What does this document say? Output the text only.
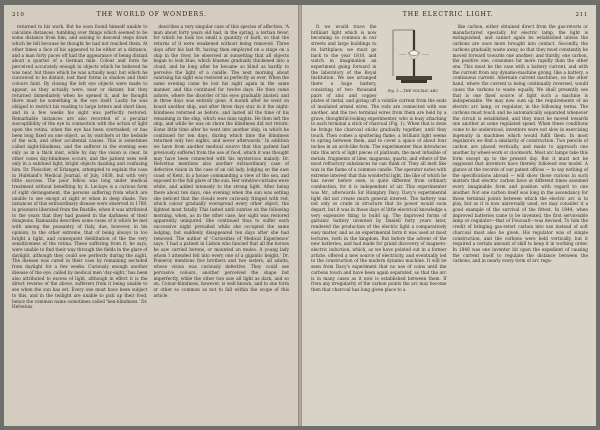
210	THE WORLD OF WONDERS.

returned to his work. But he soon found himself unable to calculate distances, tumbling over things which seemed to be some distance from him, and seizing to descend steps down which he fell because he thought he had not reached them. At other times a face of his appeared to be either at a distance, and a man forty paces off had the appearance of being distant about a quarter of a German mile. Colour and form he perceived accurately enough in objects which he believed he was near, but those which he was actually near, but which he conceived to be distant, lost their forms in shadow and their colours faint. By closing the left eye objects were made to appear, as they actually were, near or distant; but they returned immediately when he opened it, and he thought there must be something in the eye itself. Lastly he was obliged to restrict his reading to large letters and short lines, and in a few weeks his sight was perfectly restored. Remarkable instances are also recorded of a peculiar susceptibility of the eye in connection with the action of light upon the retina, when the eye has been overtasked, or has been long fixed on one object, as by watchers at the bedside of the sick, and other accidental causes. This is sometimes called night-blindness, and the sufferer in the evening sees only as in a thick mist, while by day the vision is clear. In other cases day-blindness occurs, and the patient sees well only in a subdued light, bright objects dazzling and confusing him. Dr. Fleischer, of Erlangen, attempted to explain the case in Hufeland's Medical Journal, of July, 1838, but with very little success. The poor fellow was long under medical treatment without benefiting by it. Lecluye is a curious form of sight derangement, the persons suffering from which are unable to see except at sight or when in deep shade. Two instances of this extraordinary disease were observed in 1769, in prisoners liberated from the Bastille, when it was attributed to the years that they had passed in the darkness of their dungeons. Ramazzini describes some cases of it which he met with among the peasantry of Italy, due, however, in his opinion, to the other extreme, that of being always in too bright a light, and consequent debilitation of the the very sensitiveness of the retina. These suffering from it, he says, were unable to find their way through the fields in the glare of daylight, although they could see perfectly during the night. The disease was cured in their case by remaining secluded from daylight for a few weeks. Curiously enough another disease of the eye, called by medical men 'day-sight,' has been also attributed to excess of light, although in effect it is the direct reverse of the above, sufferers from it being unable to see when the sun has set. Every one must have been subject to this, and in the twilight are unable to pick up their food, hence the common name sometimes called 'hen-blindness.' Dr. Helvetius

describes a very singular case of this species of affection. 'A man about forty years old had, in the spring, a tertian fever, for which he took too small a quantity of bark, so that the returns of it were weakened without being removed. Three days after his last fit, having then employed on a stage on a ship in the river, he observed at sunsetting that all objects began to look blue, which bluenes gradually thickened into a cloud; and he long after he became so blind as hardly to perceive the light of a candle. The next morning about sunrising his sight was restored as perfectly as ever. When the same evening came he lost his sight again in the same manner, and this continued for twelve days. He then came ashore, where the disorder of his eyes gradually abated, and in three days was entirely gone. A month after he went on board another ship, and after three days stay in it the night-blindness returned as before, and lasted all the time of his remaining in the ship, which was nine nights. He then left the ship, and while he was on shore the blindness did not return. Some little time after he went into another ship, in which he continued for ten days, during which time the blindness returned only two nights, and never afterwards.' In addition we have from another medical source that this patient had previously suffered from the use of food, which it was thought may have been connected with his mysterious malady. Dr. Helvetius mentions also another extraordinary case of defective vision in the case of an old lady, lodging on the east coast of Kent, in a house commanding a view of the sea, and exposed to the full glare of the sun. Her window-curtains were white, and added intensely to the strong light. After being there about ten days, one evening when the sun was setting she noticed that the clouds were curiously fringed with red, which colour gradually overspread every other object, the lightest most fatally. This lasted until sunrise on the following morning, when, as in the other case, her sight was restored apparently uninjured. She continued thus to suffer each successive night prevailed while she occupied the same lodging, but suddenly disappeared ten days after she had removed. The author of 'Curiosities of Medical Experience' says: 'I had a patient in Lisbon who fancied that all the horses he saw carried herons, or mounted on mules. A young lady whom I attended fell into every one of a gigantic height.' Dr. Pomeroy mentions five brothers and two sisters, all adults, whose vision was curiously defective. They could see pervasive colours, another perceived the shape but imperfectly, while the other two saw all light as dark, and so on. Colour-blindness, however, is well known, and to one form or other so common as not to fall within the scope of this article.

THE ELECTRIC LIGHT.	211
Fig. 1.—THE VOLTAIC ARC.

It we would trace the brilliant light which is now becoming so common in our streets and large buildings to its birthplace, we must go back to the year 1810, and watch in imagination an experiment going forward in the laboratory of the Royal Institution. We see arranged there a huge battery, consisting of two thousand pairs of zinc and copper plates of metal, and giving off a volatile current from the ends of insulated armed wires. The rods are connected with one another, and the two terminal wires from them are held by a grave, thoughtful-looking experimenter, who is busy attaching to each terminal a stick of charcoal (Fig. 1). When that is done he brings the charcoal sticks gradually together, until they touch. Then comes a sputtering flame, a brilliant light seems to spring between them, and to cover a space of about four inches in an arch-like form. The experimenter thus introduces into this arch of light pieces of platinum, the most infusible of metals, fragments of lime, magnesia, quartz, and others of the most refractory substances he can think of. They all melt like wax in the flame of a common candle. The operator notes with extreme interest that this wonderful light, the like of which he has never before seen, is quite different from ordinary combustion, for it is independent of air. This experimenter was Mr., afterwards Sir Humphry Davy. Davy's experimental light did not create much general interest. The battery was not only so crude in structure that its power would soon depart, but it was in those days of little electrical knowledge a very expensive thing to build up. The improved forms of galvanic battery invented by Daniell forty years later, rendered the production of the electric light a comparatively easy matter, and as an experimental form it was used at most lectures, both in the kingdom. But before the advent of the new batteries, and had made for grand discovery of magneto-electric induction, which, as we have pointed out in a former article, offered a new source of electricity, and eventually led to the construction of the modern dynamo machine. It will be seen from Davy's experiment that no use of coins until the carbons touch and have been again separated, so that the arc is in many cases as it now is established between them. If from any irregularity of the carbon points the arc may become then that charcoal has long given place to a

like carbon, either obtained direct from the gas-retorts or manufactured specially for electric lamp, the light is extinguished, and cannot again be established unless the carbons are once more brought into contact. Secondly, the carbons gradually waste away, so that they must constantly be moved forward towards one another; and thirdly, one carbon, the positive one, consumes far more rapidly than the other one. This must be the case with a battery current, and with the current from any dynamo-machine giving, like a battery, a continuous current. Alternate current machines, on the other hand, where the current is being continually reversed, would cause the carbons to waste equally. We shall presently see that is one fixed source of light such a machine is indispensable. We may now sum up the requirements of an electric arc lamp, or regulator, in the following terms. The carbons must touch and be automatically separated whenever the circuit is established, and they must be moved towards one another at some regulated speed. When these conditions come to be understood, inventors were not slow in exercising ingenuity in machines which would fulfil them. In most regulators we find a similarity of construction. Two pencils of carbon are placed vertically, and made to approach one another by wheel-work or clockwork. Most arc lamps take this form except up to the present day. But it must not be supposed that inventors have thereby followed one model. A glance at the records of our patent offices — to say nothing of the specifications abroad — will show those curious in such matters that electric carbon have at different times assumed every imaginable form and position with regard to one another. Not one carbon itself was long in the ascendancy for those terminal points between which the electric arc is to play, but as it is now universally used, we may consider it a good example of the survival of the fittest. In 1844, when improved batteries came to be invented, the first serviceable lamp or regulator—that of Foucault—was devised. To him the credit of bringing gas-retort carbon into use instead of soft charcoal must also be given. His regulator was of simple construction, and the carbons were held vertically, but it required a certain amount of skill to keep it in working order. In 1848 was one inventor hit upon the expedient of causing the current itself to regulate the distance between the carbons, and in nearly every form of arc regu-
